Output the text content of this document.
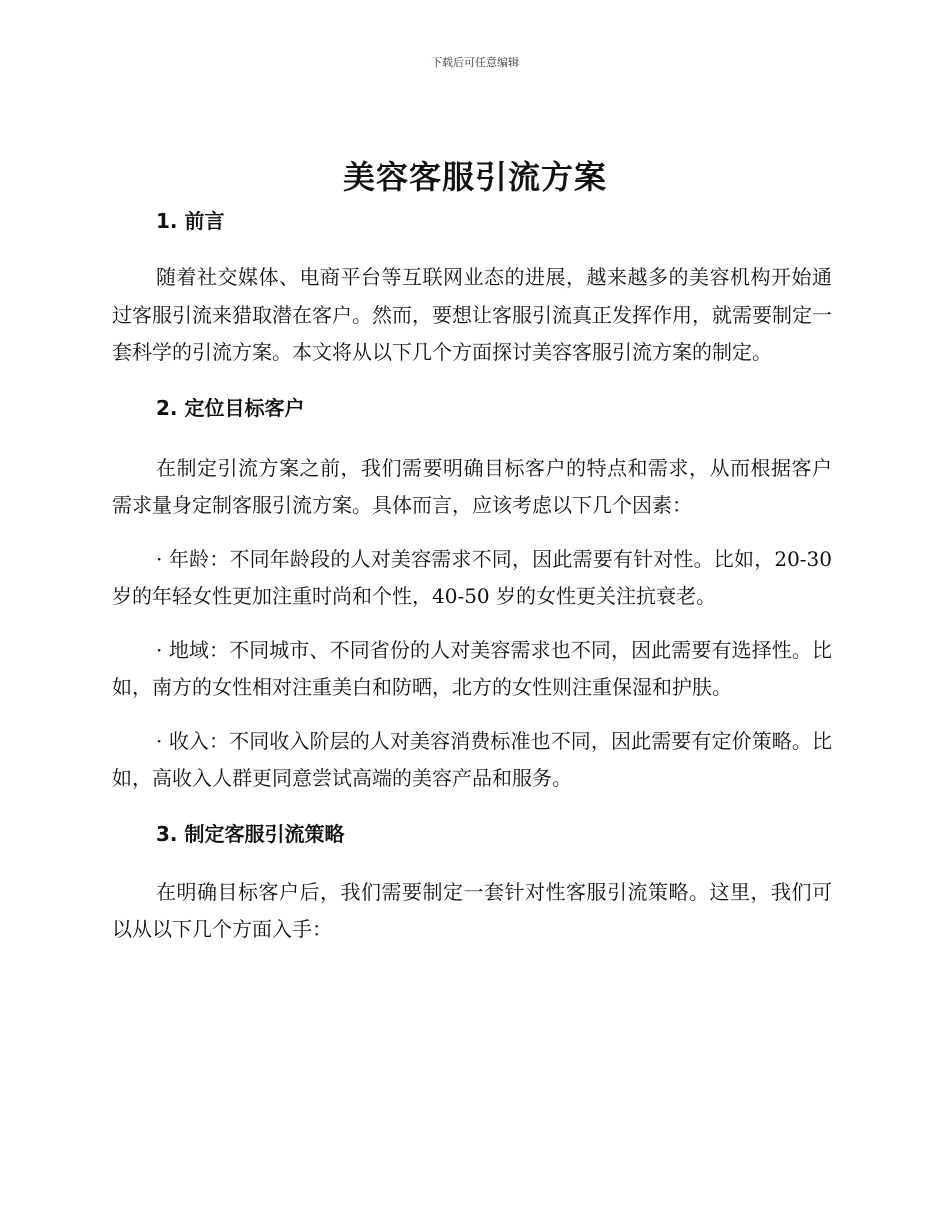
下载后可任意编辑
美容客服引流方案
1. 前言

随着社交媒体、电商平台等互联网业态的进展，越来越多的美容机构开始通过客服引流来猎取潜在客户。然而，要想让客服引流真正发挥作用，就需要制定一套科学的引流方案。本文将从以下几个方面探讨美容客服引流方案的制定。

2. 定位目标客户

在制定引流方案之前，我们需要明确目标客户的特点和需求，从而根据客户需求量身定制客服引流方案。具体而言，应该考虑以下几个因素：

· 年龄：不同年龄段的人对美容需求不同，因此需要有针对性。比如，20-30 岁的年轻女性更加注重时尚和个性，40-50 岁的女性更关注抗衰老。

· 地域：不同城市、不同省份的人对美容需求也不同，因此需要有选择性。比如，南方的女性相对注重美白和防晒，北方的女性则注重保湿和护肤。

· 收入：不同收入阶层的人对美容消费标准也不同，因此需要有定价策略。比如，高收入人群更同意尝试高端的美容产品和服务。

3. 制定客服引流策略

在明确目标客户后，我们需要制定一套针对性客服引流策略。这里，我们可以从以下几个方面入手：
